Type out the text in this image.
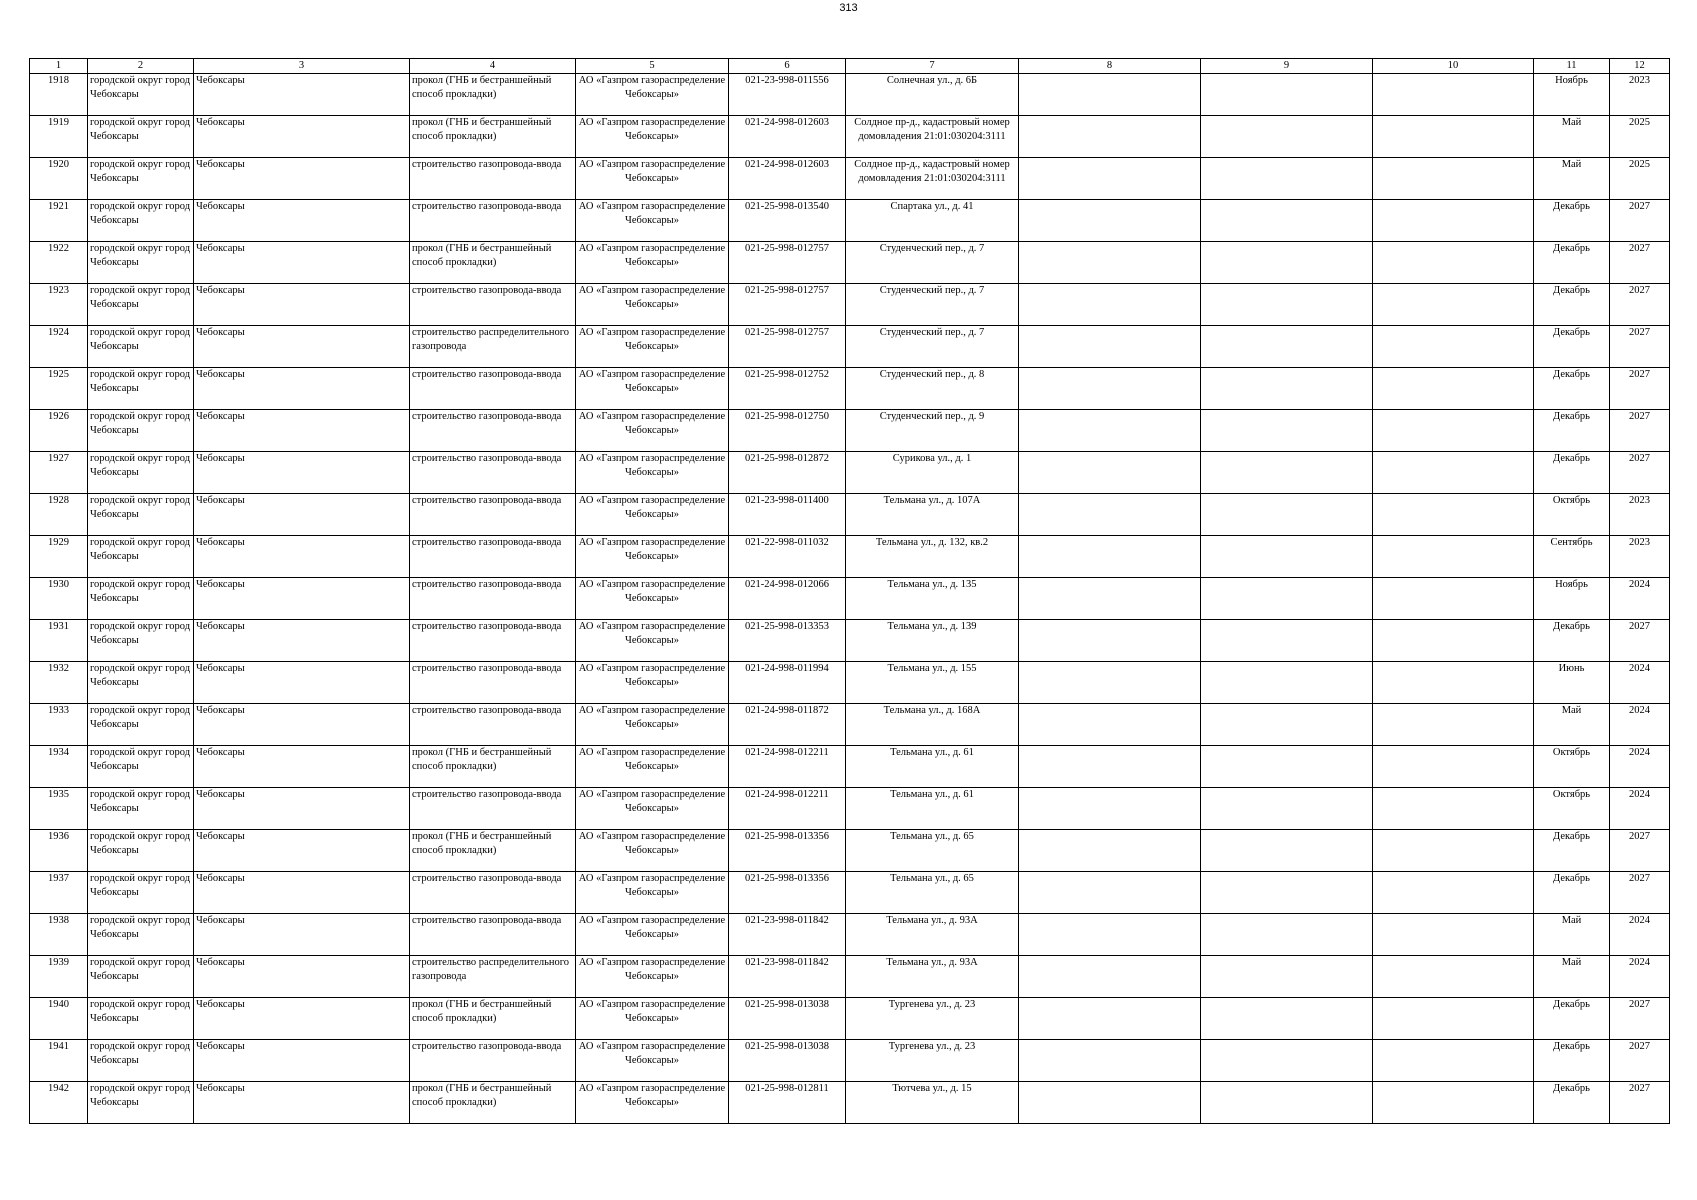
313
1	2	3	4	5	6	7	8	9	10	11	12
1918	городской округ город Чебоксары	Чебоксары	прокол (ГНБ и бестраншейный способ прокладки)	АО «Газпром газораспределение Чебоксары»	021-23-998-011556	Солнечная ул., д. 6Б				Ноябрь	2023
1919	городской округ город Чебоксары	Чебоксары	прокол (ГНБ и бестраншейный способ прокладки)	АО «Газпром газораспределение Чебоксары»	021-24-998-012603	Солдное пр-д., кадастровый номер домовладения 21:01:030204:3111				Май	2025
1920	городской округ город Чебоксары	Чебоксары	строительство газопровода-ввода	АО «Газпром газораспределение Чебоксары»	021-24-998-012603	Солдное пр-д., кадастровый номер домовладения 21:01:030204:3111				Май	2025
1921	городской округ город Чебоксары	Чебоксары	строительство газопровода-ввода	АО «Газпром газораспределение Чебоксары»	021-25-998-013540	Спартака ул., д. 41				Декабрь	2027
1922	городской округ город Чебоксары	Чебоксары	прокол (ГНБ и бестраншейный способ прокладки)	АО «Газпром газораспределение Чебоксары»	021-25-998-012757	Студенческий пер., д. 7				Декабрь	2027
1923	городской округ город Чебоксары	Чебоксары	строительство газопровода-ввода	АО «Газпром газораспределение Чебоксары»	021-25-998-012757	Студенческий пер., д. 7				Декабрь	2027
1924	городской округ город Чебоксары	Чебоксары	строительство распределительного газопровода	АО «Газпром газораспределение Чебоксары»	021-25-998-012757	Студенческий пер., д. 7				Декабрь	2027
1925	городской округ город Чебоксары	Чебоксары	строительство газопровода-ввода	АО «Газпром газораспределение Чебоксары»	021-25-998-012752	Студенческий пер., д. 8				Декабрь	2027
1926	городской округ город Чебоксары	Чебоксары	строительство газопровода-ввода	АО «Газпром газораспределение Чебоксары»	021-25-998-012750	Студенческий пер., д. 9				Декабрь	2027
1927	городской округ город Чебоксары	Чебоксары	строительство газопровода-ввода	АО «Газпром газораспределение Чебоксары»	021-25-998-012872	Сурикова ул., д. 1				Декабрь	2027
1928	городской округ город Чебоксары	Чебоксары	строительство газопровода-ввода	АО «Газпром газораспределение Чебоксары»	021-23-998-011400	Тельмана ул., д. 107А				Октябрь	2023
1929	городской округ город Чебоксары	Чебоксары	строительство газопровода-ввода	АО «Газпром газораспределение Чебоксары»	021-22-998-011032	Тельмана ул., д. 132, кв.2				Сентябрь	2023
1930	городской округ город Чебоксары	Чебоксары	строительство газопровода-ввода	АО «Газпром газораспределение Чебоксары»	021-24-998-012066	Тельмана ул., д. 135				Ноябрь	2024
1931	городской округ город Чебоксары	Чебоксары	строительство газопровода-ввода	АО «Газпром газораспределение Чебоксары»	021-25-998-013353	Тельмана ул., д. 139				Декабрь	2027
1932	городской округ город Чебоксары	Чебоксары	строительство газопровода-ввода	АО «Газпром газораспределение Чебоксары»	021-24-998-011994	Тельмана ул., д. 155				Июнь	2024
1933	городской округ город Чебоксары	Чебоксары	строительство газопровода-ввода	АО «Газпром газораспределение Чебоксары»	021-24-998-011872	Тельмана ул., д. 168А				Май	2024
1934	городской округ город Чебоксары	Чебоксары	прокол (ГНБ и бестраншейный способ прокладки)	АО «Газпром газораспределение Чебоксары»	021-24-998-012211	Тельмана ул., д. 61				Октябрь	2024
1935	городской округ город Чебоксары	Чебоксары	строительство газопровода-ввода	АО «Газпром газораспределение Чебоксары»	021-24-998-012211	Тельмана ул., д. 61				Октябрь	2024
1936	городской округ город Чебоксары	Чебоксары	прокол (ГНБ и бестраншейный способ прокладки)	АО «Газпром газораспределение Чебоксары»	021-25-998-013356	Тельмана ул., д. 65				Декабрь	2027
1937	городской округ город Чебоксары	Чебоксары	строительство газопровода-ввода	АО «Газпром газораспределение Чебоксары»	021-25-998-013356	Тельмана ул., д. 65				Декабрь	2027
1938	городской округ город Чебоксары	Чебоксары	строительство газопровода-ввода	АО «Газпром газораспределение Чебоксары»	021-23-998-011842	Тельмана ул., д. 93А				Май	2024
1939	городской округ город Чебоксары	Чебоксары	строительство распределительного газопровода	АО «Газпром газораспределение Чебоксары»	021-23-998-011842	Тельмана ул., д. 93А				Май	2024
1940	городской округ город Чебоксары	Чебоксары	прокол (ГНБ и бестраншейный способ прокладки)	АО «Газпром газораспределение Чебоксары»	021-25-998-013038	Тургенева ул., д. 23				Декабрь	2027
1941	городской округ город Чебоксары	Чебоксары	строительство газопровода-ввода	АО «Газпром газораспределение Чебоксары»	021-25-998-013038	Тургенева ул., д. 23				Декабрь	2027
1942	городской округ город Чебоксары	Чебоксары	прокол (ГНБ и бестраншейный способ прокладки)	АО «Газпром газораспределение Чебоксары»	021-25-998-012811	Тютчева ул., д. 15				Декабрь	2027
